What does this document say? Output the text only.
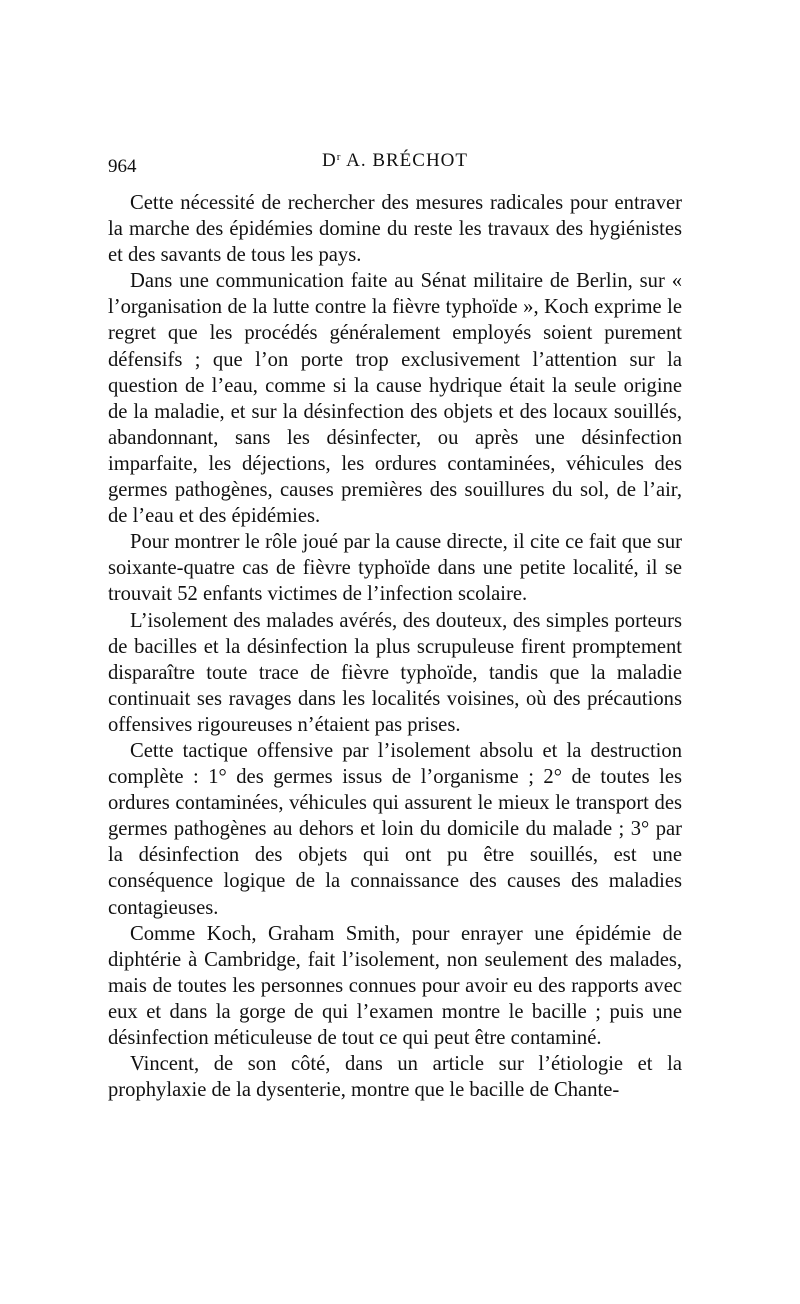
964	$D^r$ A. BRÉCHOT

Cette nécessité de rechercher des mesures radicales pour entraver la marche des épidémies domine du reste les travaux des hygiénistes et des savants de tous les pays.

Dans une communication faite au Sénat militaire de Berlin, sur « l’organisation de la lutte contre la fièvre typhoïde », Koch exprime le regret que les procédés généralement employés soient purement défensifs ; que l’on porte trop exclusivement l’attention sur la question de l’eau, comme si la cause hydrique était la seule origine de la maladie, et sur la désinfection des objets et des locaux souillés, abandonnant, sans les désinfecter, ou après une désinfection imparfaite, les déjections, les ordures contaminées, véhicules des germes pathogènes, causes premières des souillures du sol, de l’air, de l’eau et des épidémies.

Pour montrer le rôle joué par la cause directe, il cite ce fait que sur soixante-quatre cas de fièvre typhoïde dans une petite localité, il se trouvait 52 enfants victimes de l’infection scolaire.

L’isolement des malades avérés, des douteux, des simples porteurs de bacilles et la désinfection la plus scrupuleuse firent promptement disparaître toute trace de fièvre typhoïde, tandis que la maladie continuait ses ravages dans les localités voisines, où des précautions offensives rigoureuses n’étaient pas prises.

Cette tactique offensive par l’isolement absolu et la destruction complète : 1° des germes issus de l’organisme ; 2° de toutes les ordures contaminées, véhicules qui assurent le mieux le transport des germes pathogènes au dehors et loin du domicile du malade ; 3° par la désinfection des objets qui ont pu être souillés, est une conséquence logique de la connaissance des causes des maladies contagieuses.

Comme Koch, Graham Smith, pour enrayer une épidémie de diphtérie à Cambridge, fait l’isolement, non seulement des malades, mais de toutes les personnes connues pour avoir eu des rapports avec eux et dans la gorge de qui l’examen montre le bacille ; puis une désinfection méticuleuse de tout ce qui peut être contaminé.

Vincent, de son côté, dans un article sur l’étiologie et la prophylaxie de la dysenterie, montre que le bacille de Chante-
